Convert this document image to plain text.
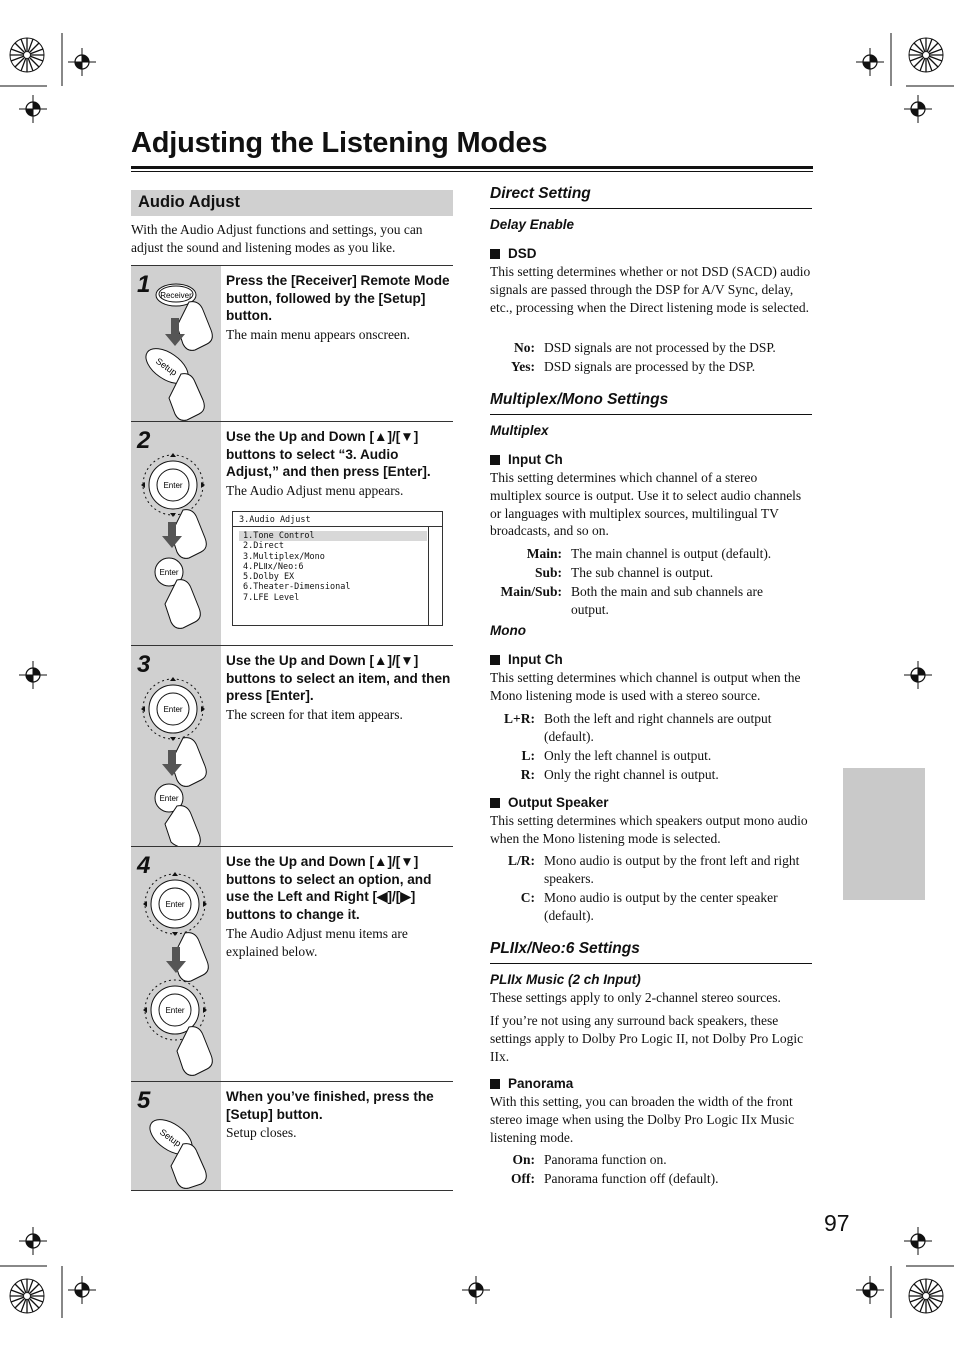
Adjusting the Listening Modes
Audio Adjust
With the Audio Adjust functions and settings, you can adjust the sound and listening modes as you like.
1 Receiver
Setup
Press the [Receiver] Remote Mode button, followed by the [Setup] button.
The main menu appears onscreen.
2
Enter
Enter
Use the Up and Down [▲]/[▼] buttons to select “3. Audio Adjust,” and then press [Enter].
The Audio Adjust menu appears.
3.Audio Adjust
1.Tone Control
2.Direct
3.Multiplex/Mono
4.PLⅡx/Neo:6
5.Dolby EX
6.Theater-Dimensional
7.LFE Level
3
Enter
Enter
Use the Up and Down [▲]/[▼] buttons to select an item, and then press [Enter].
The screen for that item appears.
4
Enter
Enter
Use the Up and Down [▲]/[▼] buttons to select an option, and use the Left and Right [◀]/[▶] buttons to change it.
The Audio Adjust menu items are explained below.
5
Setup
When you’ve finished, press the [Setup] button.
Setup closes.
Direct Setting
Delay Enable
DSD
This setting determines whether or not DSD (SACD) audio signals are passed through the DSP for A/V Sync, delay, etc., processing when the Direct listening mode is selected.
No: DSD signals are not processed by the DSP.
Yes: DSD signals are processed by the DSP.
Multiplex/Mono Settings
Multiplex
Input Ch
This setting determines which channel of a stereo multiplex source is output. Use it to select audio channels or languages with multiplex sources, multilingual TV broadcasts, and so on.
Main: The main channel is output (default).
Sub: The sub channel is output.
Main/Sub: Both the main and sub channels are output.
Mono
Input Ch
This setting determines which channel is output when the Mono listening mode is used with a stereo source.
L+R: Both the left and right channels are output (default).
L: Only the left channel is output.
R: Only the right channel is output.
Output Speaker
This setting determines which speakers output mono audio when the Mono listening mode is selected.
L/R: Mono audio is output by the front left and right speakers.
C: Mono audio is output by the center speaker (default).
PLIIx/Neo:6 Settings
PLIIx Music (2 ch Input)
These settings apply to only 2-channel stereo sources.
If you’re not using any surround back speakers, these settings apply to Dolby Pro Logic II, not Dolby Pro Logic IIx.
Panorama
With this setting, you can broaden the width of the front stereo image when using the Dolby Pro Logic IIx Music listening mode.
On: Panorama function on.
Off: Panorama function off (default).
97
